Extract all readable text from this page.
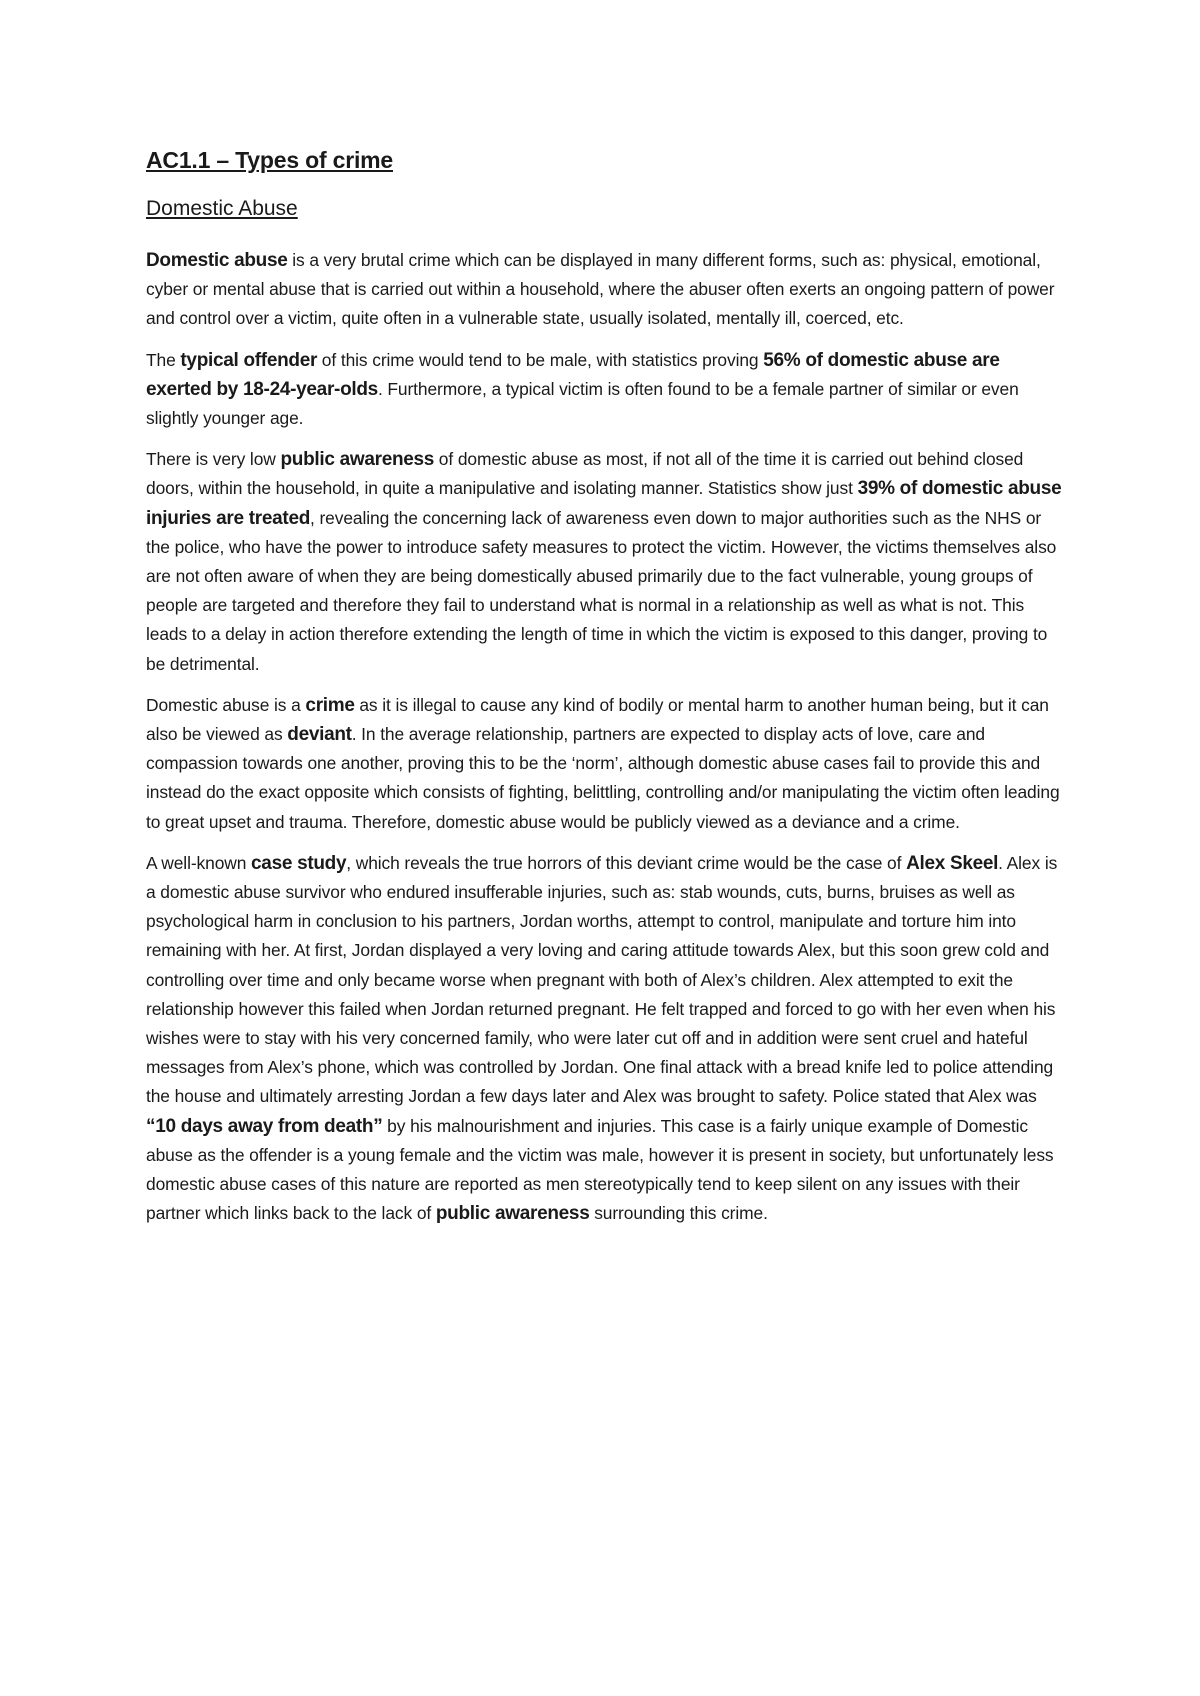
AC1.1 – Types of crime
Domestic Abuse

Domestic abuse is a very brutal crime which can be displayed in many different forms, such as: physical, emotional, cyber or mental abuse that is carried out within a household, where the abuser often exerts an ongoing pattern of power and control over a victim, quite often in a vulnerable state, usually isolated, mentally ill, coerced, etc.

The typical offender of this crime would tend to be male, with statistics proving 56% of domestic abuse are exerted by 18-24-year-olds. Furthermore, a typical victim is often found to be a female partner of similar or even slightly younger age.

There is very low public awareness of domestic abuse as most, if not all of the time it is carried out behind closed doors, within the household, in quite a manipulative and isolating manner. Statistics show just 39% of domestic abuse injuries are treated, revealing the concerning lack of awareness even down to major authorities such as the NHS or the police, who have the power to introduce safety measures to protect the victim. However, the victims themselves also are not often aware of when they are being domestically abused primarily due to the fact vulnerable, young groups of people are targeted and therefore they fail to understand what is normal in a relationship as well as what is not. This leads to a delay in action therefore extending the length of time in which the victim is exposed to this danger, proving to be detrimental.

Domestic abuse is a crime as it is illegal to cause any kind of bodily or mental harm to another human being, but it can also be viewed as deviant. In the average relationship, partners are expected to display acts of love, care and compassion towards one another, proving this to be the ‘norm’, although domestic abuse cases fail to provide this and instead do the exact opposite which consists of fighting, belittling, controlling and/or manipulating the victim often leading to great upset and trauma. Therefore, domestic abuse would be publicly viewed as a deviance and a crime.

A well-known case study, which reveals the true horrors of this deviant crime would be the case of Alex Skeel. Alex is a domestic abuse survivor who endured insufferable injuries, such as: stab wounds, cuts, burns, bruises as well as psychological harm in conclusion to his partners, Jordan worths, attempt to control, manipulate and torture him into remaining with her. At first, Jordan displayed a very loving and caring attitude towards Alex, but this soon grew cold and controlling over time and only became worse when pregnant with both of Alex’s children. Alex attempted to exit the relationship however this failed when Jordan returned pregnant. He felt trapped and forced to go with her even when his wishes were to stay with his very concerned family, who were later cut off and in addition were sent cruel and hateful messages from Alex’s phone, which was controlled by Jordan. One final attack with a bread knife led to police attending the house and ultimately arresting Jordan a few days later and Alex was brought to safety. Police stated that Alex was “10 days away from death” by his malnourishment and injuries. This case is a fairly unique example of Domestic abuse as the offender is a young female and the victim was male, however it is present in society, but unfortunately less domestic abuse cases of this nature are reported as men stereotypically tend to keep silent on any issues with their partner which links back to the lack of public awareness surrounding this crime.
